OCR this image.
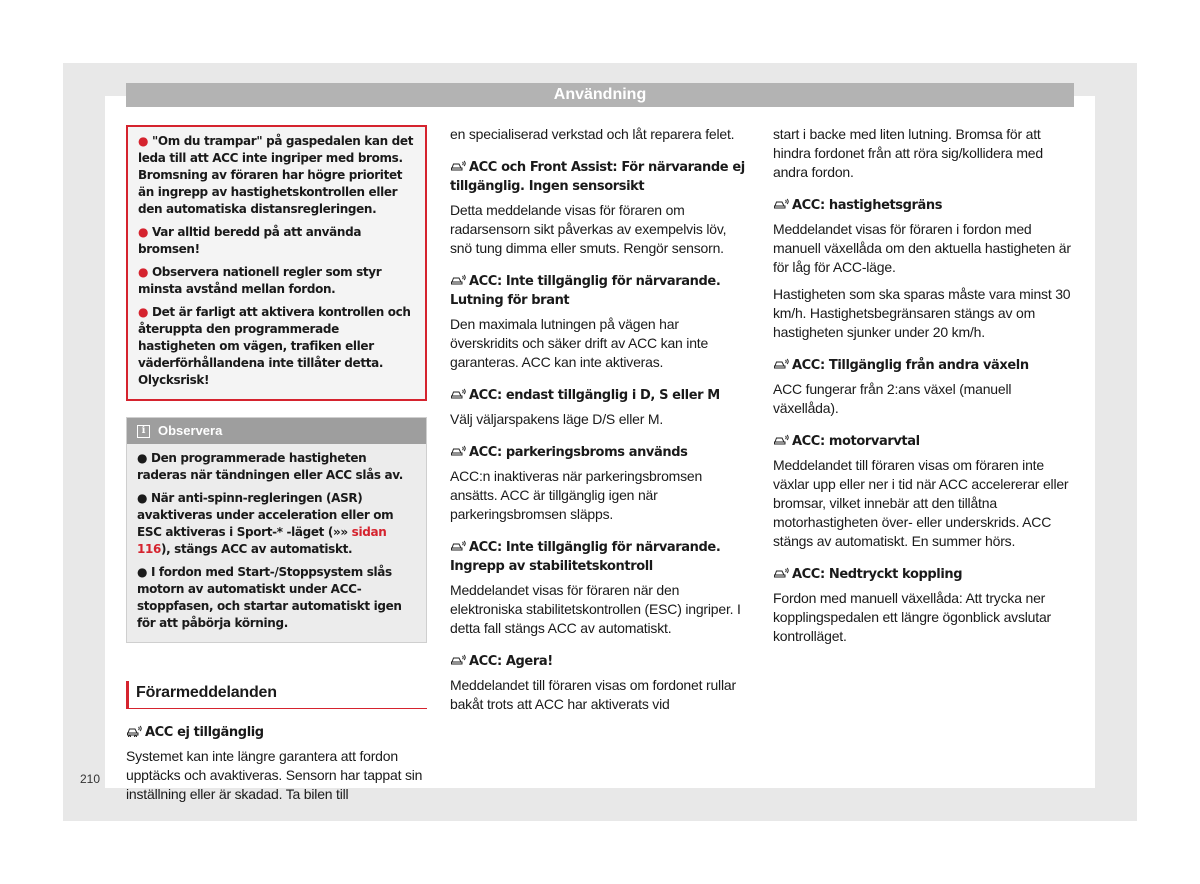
Användning
● "Om du trampar" på gaspedalen kan det leda till att ACC inte ingriper med broms. Bromsning av föraren har högre prioritet än ingrepp av hastighetskontrollen eller den automatiska distansregleringen.
● Var alltid beredd på att använda bromsen!
● Observera nationell regler som styr minsta avstånd mellan fordon.
● Det är farligt att aktivera kontrollen och återuppta den programmerade hastigheten om vägen, trafiken eller väderförhållandena inte tillåter detta. Olycksrisk!
i Observera
● Den programmerade hastigheten raderas när tändningen eller ACC slås av.
● När anti-spinn-regleringen (ASR) avaktiveras under acceleration eller om ESC aktiveras i Sport-* -läget (»» sidan 116), stängs ACC av automatiskt.
● I fordon med Start-/Stoppsystem slås motorn av automatiskt under ACC-stoppfasen, och startar automatiskt igen för att påbörja körning.
Förarmeddelanden
ACC ej tillgänglig
Systemet kan inte längre garantera att fordon upptäcks och avaktiveras. Sensorn har tappat sin inställning eller är skadad. Ta bilen till
en specialiserad verkstad och låt reparera felet.
ACC och Front Assist: För närvarande ej tillgänglig. Ingen sensorsikt
Detta meddelande visas för föraren om radarsensorn sikt påverkas av exempelvis löv, snö tung dimma eller smuts. Rengör sensorn.
ACC: Inte tillgänglig för närvarande. Lutning för brant
Den maximala lutningen på vägen har överskridits och säker drift av ACC kan inte garanteras. ACC kan inte aktiveras.
ACC: endast tillgänglig i D, S eller M
Välj väljarspakens läge D/S eller M.
ACC: parkeringsbroms används
ACC:n inaktiveras när parkeringsbromsen ansätts. ACC är tillgänglig igen när parkeringsbromsen släpps.
ACC: Inte tillgänglig för närvarande. Ingrepp av stabilitetskontroll
Meddelandet visas för föraren när den elektroniska stabilitetskontrollen (ESC) ingriper. I detta fall stängs ACC av automatiskt.
ACC: Agera!
Meddelandet till föraren visas om fordonet rullar bakåt trots att ACC har aktiverats vid
start i backe med liten lutning. Bromsa för att hindra fordonet från att röra sig/kollidera med andra fordon.
ACC: hastighetsgräns
Meddelandet visas för föraren i fordon med manuell växellåda om den aktuella hastigheten är för låg för ACC-läge.
Hastigheten som ska sparas måste vara minst 30 km/h. Hastighetsbegränsaren stängs av om hastigheten sjunker under 20 km/h.
ACC: Tillgänglig från andra växeln
ACC fungerar från 2:ans växel (manuell växellåda).
ACC: motorvarvtal
Meddelandet till föraren visas om föraren inte växlar upp eller ner i tid när ACC accelererar eller bromsar, vilket innebär att den tillåtna motorhastigheten över- eller underskrids. ACC stängs av automatiskt. En summer hörs.
ACC: Nedtryckt koppling
Fordon med manuell växellåda: Att trycka ner kopplingspedalen ett längre ögonblick avslutar kontrolläget.
210
